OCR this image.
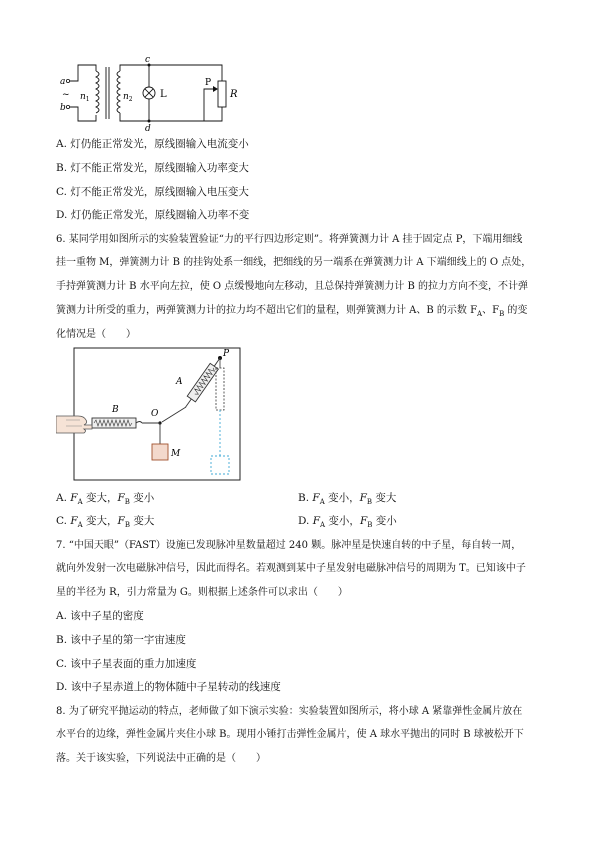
a
b
~ $n_1$	$n_2$
c
d
L	R
P
A. 灯仍能正常发光，原线圈输入电流变小
B. 灯不能正常发光，原线圈输入功率变大
C. 灯不能正常发光，原线圈输入电压变大
D. 灯仍能正常发光，原线圈输入功率不变
6. 某同学用如图所示的实验装置验证“力的平行四边形定则”。将弹簧测力计 A 挂于固定点 P，下端用细线
挂一重物 M，弹簧测力计 B 的挂钩处系一细线，把细线的另一端系在弹簧测力计 A 下端细线上的 O 点处，
手持弹簧测力计 B 水平向左拉，使 O 点缓慢地向左移动，且总保持弹簧测力计 B 的拉力方向不变，不计弹
簧测力计所受的重力，两弹簧测力计的拉力均不超出它们的量程，则弹簧测力计 A、B 的示数 $F_A$、$F_B$ 的变
化情况是（　　）
P
A
O
M
B
A. $F_A$ 变大，$F_B$ 变小	B. $F_A$ 变小，$F_B$ 变大
C. $F_A$ 变大，$F_B$ 变大	D. $F_A$ 变小，$F_B$ 变小
7. “中国天眼”（FAST）设施已发现脉冲星数量超过 240 颗。脉冲星是快速自转的中子星，每自转一周，
就向外发射一次电磁脉冲信号，因此而得名。若观测到某中子星发射电磁脉冲信号的周期为 T。已知该中子
星的半径为 R，引力常量为 G。则根据上述条件可以求出（　　）
A. 该中子星的密度
B. 该中子星的第一宇宙速度
C. 该中子星表面的重力加速度
D. 该中子星赤道上的物体随中子星转动的线速度
8. 为了研究平抛运动的特点，老师做了如下演示实验：实验装置如图所示，将小球 A 紧靠弹性金属片放在
水平台的边缘，弹性金属片夹住小球 B。现用小锤打击弹性金属片，使 A 球水平抛出的同时 B 球被松开下
落。关于该实验，下列说法中正确的是（　　）
